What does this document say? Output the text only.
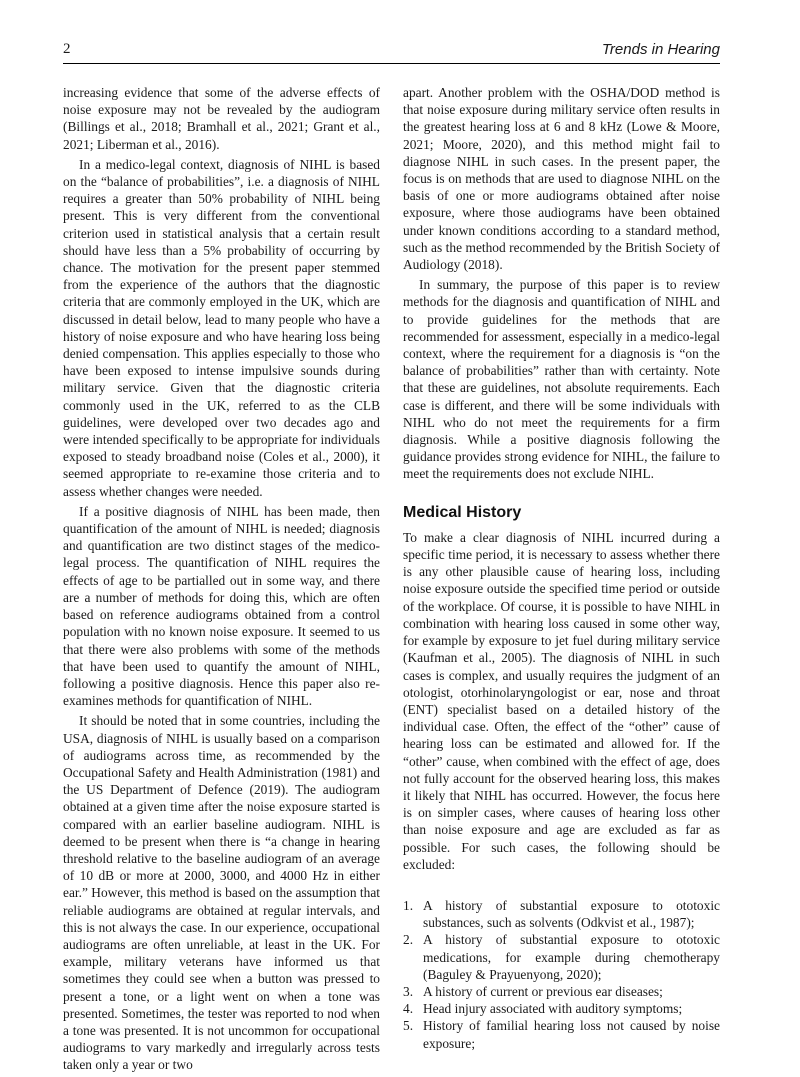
2	Trends in Hearing

increasing evidence that some of the adverse effects of noise exposure may not be revealed by the audiogram (Billings et al., 2018; Bramhall et al., 2021; Grant et al., 2021; Liberman et al., 2016).

In a medico-legal context, diagnosis of NIHL is based on the “balance of probabilities”, i.e. a diagnosis of NIHL requires a greater than 50% probability of NIHL being present. This is very different from the conventional criterion used in statistical analysis that a certain result should have less than a 5% probability of occurring by chance. The motivation for the present paper stemmed from the experience of the authors that the diagnostic criteria that are commonly employed in the UK, which are discussed in detail below, lead to many people who have a history of noise exposure and who have hearing loss being denied compensation. This applies especially to those who have been exposed to intense impulsive sounds during military service. Given that the diagnostic criteria commonly used in the UK, referred to as the CLB guidelines, were developed over two decades ago and were intended specifically to be appropriate for individuals exposed to steady broadband noise (Coles et al., 2000), it seemed appropriate to re-examine those criteria and to assess whether changes were needed.

If a positive diagnosis of NIHL has been made, then quantification of the amount of NIHL is needed; diagnosis and quantification are two distinct stages of the medico-legal process. The quantification of NIHL requires the effects of age to be partialled out in some way, and there are a number of methods for doing this, which are often based on reference audiograms obtained from a control population with no known noise exposure. It seemed to us that there were also problems with some of the methods that have been used to quantify the amount of NIHL, following a positive diagnosis. Hence this paper also re-examines methods for quantification of NIHL.

It should be noted that in some countries, including the USA, diagnosis of NIHL is usually based on a comparison of audiograms across time, as recommended by the Occupational Safety and Health Administration (1981) and the US Department of Defence (2019). The audiogram obtained at a given time after the noise exposure started is compared with an earlier baseline audiogram. NIHL is deemed to be present when there is “a change in hearing threshold relative to the baseline audiogram of an average of 10 dB or more at 2000, 3000, and 4000 Hz in either ear.” However, this method is based on the assumption that reliable audiograms are obtained at regular intervals, and this is not always the case. In our experience, occupational audiograms are often unreliable, at least in the UK. For example, military veterans have informed us that sometimes they could see when a button was pressed to present a tone, or a light went on when a tone was presented. Sometimes, the tester was reported to nod when a tone was presented. It is not uncommon for occupational audiograms to vary markedly and irregularly across tests taken only a year or two

apart. Another problem with the OSHA/DOD method is that noise exposure during military service often results in the greatest hearing loss at 6 and 8 kHz (Lowe & Moore, 2021; Moore, 2020), and this method might fail to diagnose NIHL in such cases. In the present paper, the focus is on methods that are used to diagnose NIHL on the basis of one or more audiograms obtained after noise exposure, where those audiograms have been obtained under known conditions according to a standard method, such as the method recommended by the British Society of Audiology (2018).

In summary, the purpose of this paper is to review methods for the diagnosis and quantification of NIHL and to provide guidelines for the methods that are recommended for assessment, especially in a medico-legal context, where the requirement for a diagnosis is “on the balance of probabilities” rather than with certainty. Note that these are guidelines, not absolute requirements. Each case is different, and there will be some individuals with NIHL who do not meet the requirements for a firm diagnosis. While a positive diagnosis following the guidance provides strong evidence for NIHL, the failure to meet the requirements does not exclude NIHL.

Medical History

To make a clear diagnosis of NIHL incurred during a specific time period, it is necessary to assess whether there is any other plausible cause of hearing loss, including noise exposure outside the specified time period or outside of the workplace. Of course, it is possible to have NIHL in combination with hearing loss caused in some other way, for example by exposure to jet fuel during military service (Kaufman et al., 2005). The diagnosis of NIHL in such cases is complex, and usually requires the judgment of an otologist, otorhinolaryngologist or ear, nose and throat (ENT) specialist based on a detailed history of the individual case. Often, the effect of the “other” cause of hearing loss can be estimated and allowed for. If the “other” cause, when combined with the effect of age, does not fully account for the observed hearing loss, this makes it likely that NIHL has occurred. However, the focus here is on simpler cases, where causes of hearing loss other than noise exposure and age are excluded as far as possible. For such cases, the following should be excluded:

1. A history of substantial exposure to ototoxic substances, such as solvents (Odkvist et al., 1987);
2. A history of substantial exposure to ototoxic medications, for example during chemotherapy (Baguley & Prayuenyong, 2020);
3. A history of current or previous ear diseases;
4. Head injury associated with auditory symptoms;
5. History of familial hearing loss not caused by noise exposure;
